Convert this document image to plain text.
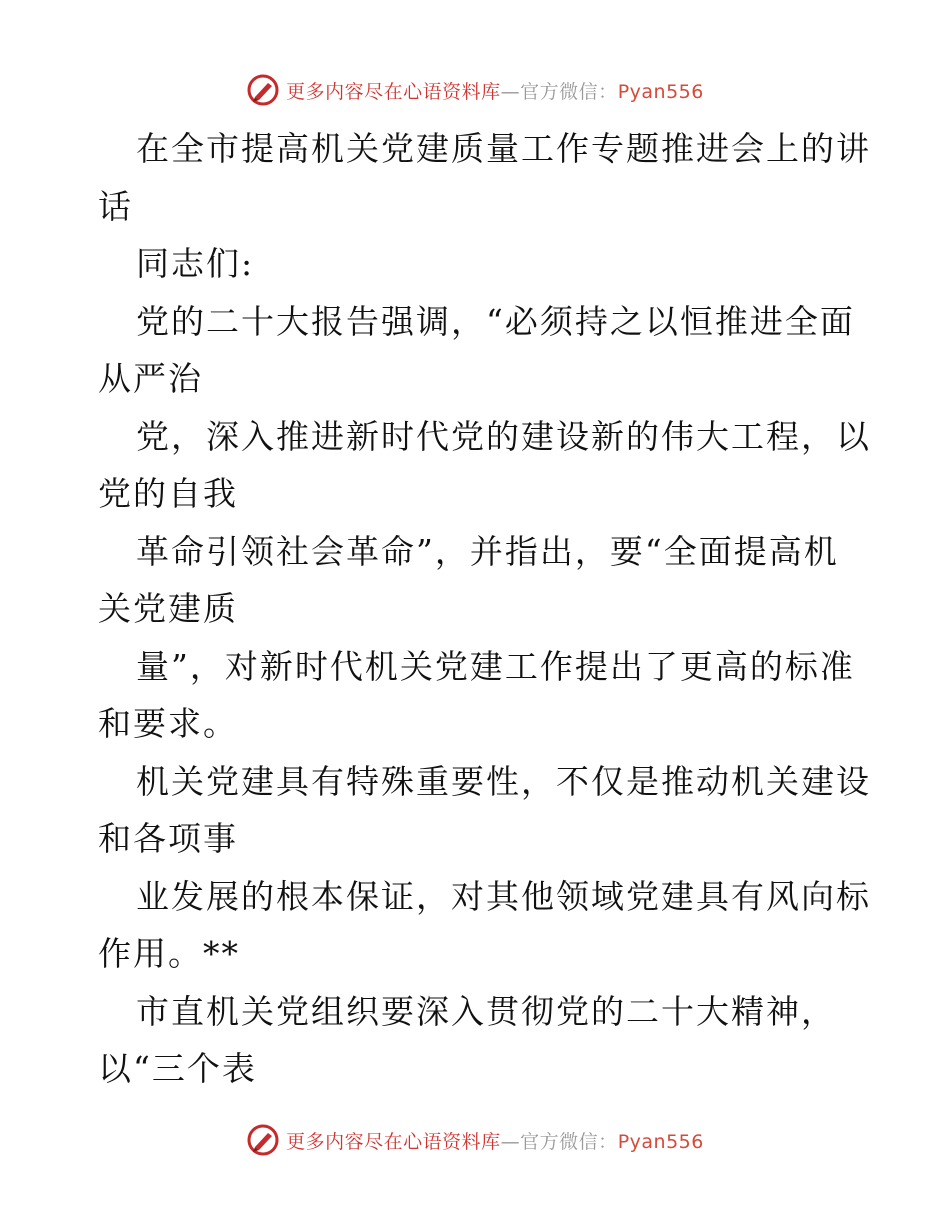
更多内容尽在心语资料库—官方微信：Pyan556
在全市提高机关党建质量工作专题推进会上的讲
话
同志们:
党的二十大报告强调，“必须持之以恒推进全面
从严治
党，深入推进新时代党的建设新的伟大工程，以
党的自我
革命引领社会革命”，并指出，要“全面提高机
关党建质
量”，对新时代机关党建工作提出了更高的标准
和要求。
机关党建具有特殊重要性，不仅是推动机关建设
和各项事
业发展的根本保证，对其他领域党建具有风向标
作用。**
市直机关党组织要深入贯彻党的二十大精神，
以“三个表
更多内容尽在心语资料库—官方微信：Pyan556
